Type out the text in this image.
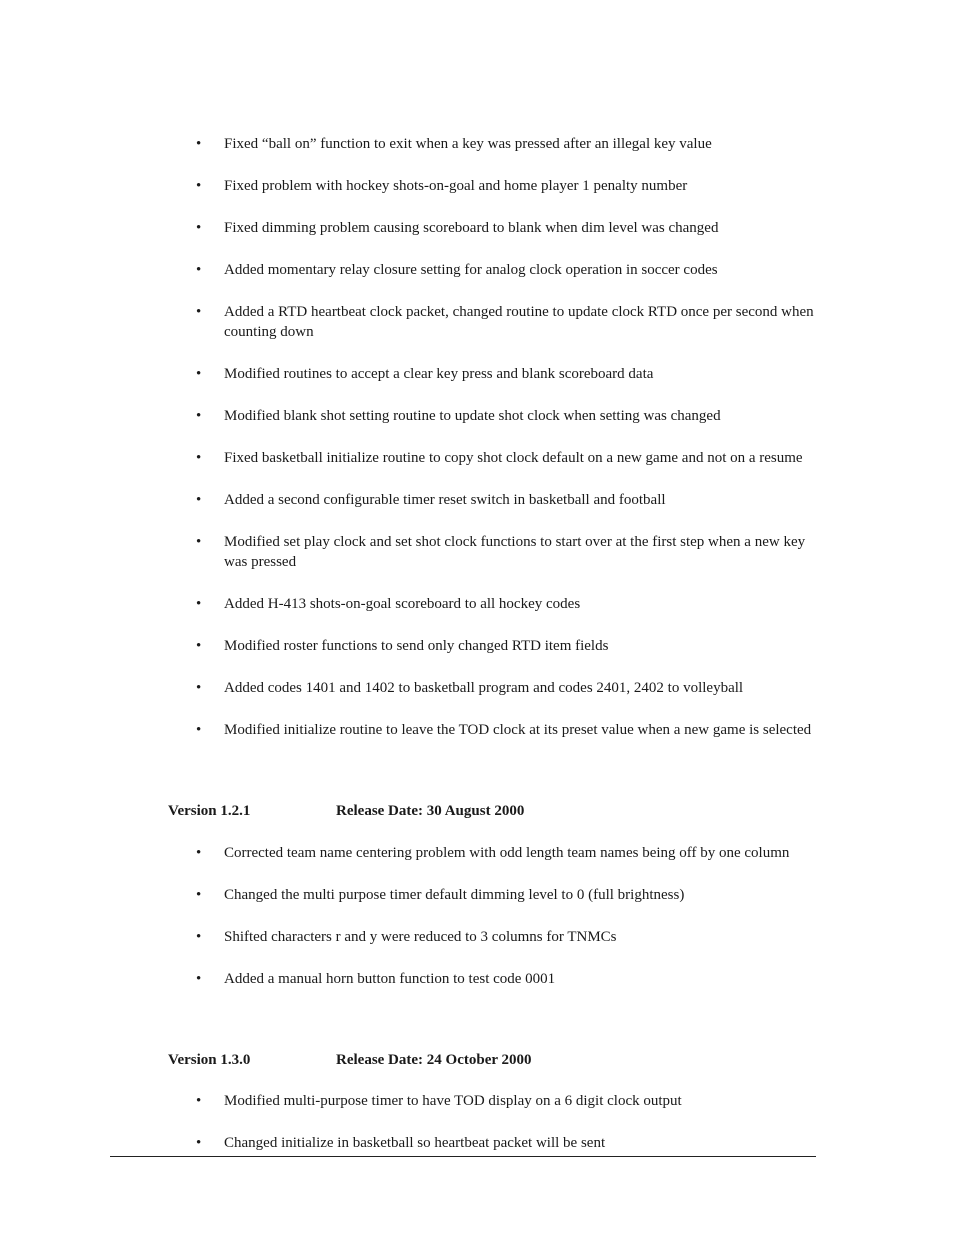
• Fixed “ball on” function to exit when a key was pressed after an illegal key value
• Fixed problem with hockey shots-on-goal and home player 1 penalty number
• Fixed dimming problem causing scoreboard to blank when dim level was changed
• Added momentary relay closure setting for analog clock operation in soccer codes
• Added a RTD heartbeat clock packet, changed routine to update clock RTD once per second when counting down
• Modified routines to accept a clear key press and blank scoreboard data
• Modified blank shot setting routine to update shot clock when setting was changed
• Fixed basketball initialize routine to copy shot clock default on a new game and not on a resume
• Added a second configurable timer reset switch in basketball and football
• Modified set play clock and set shot clock functions to start over at the first step when a new key was pressed
• Added H-413 shots-on-goal scoreboard to all hockey codes
• Modified roster functions to send only changed RTD item fields
• Added codes 1401 and 1402 to basketball program and codes 2401, 2402 to volleyball
• Modified initialize routine to leave the TOD clock at its preset value when a new game is selected
Version 1.2.1	Release Date: 30 August 2000
• Corrected team name centering problem with odd length team names being off by one column
• Changed the multi purpose timer default dimming level to 0 (full brightness)
• Shifted characters r and y were reduced to 3 columns for TNMCs
• Added a manual horn button function to test code 0001
Version 1.3.0	Release Date: 24 October 2000
• Modified multi-purpose timer to have TOD display on a 6 digit clock output
• Changed initialize in basketball so heartbeat packet will be sent
